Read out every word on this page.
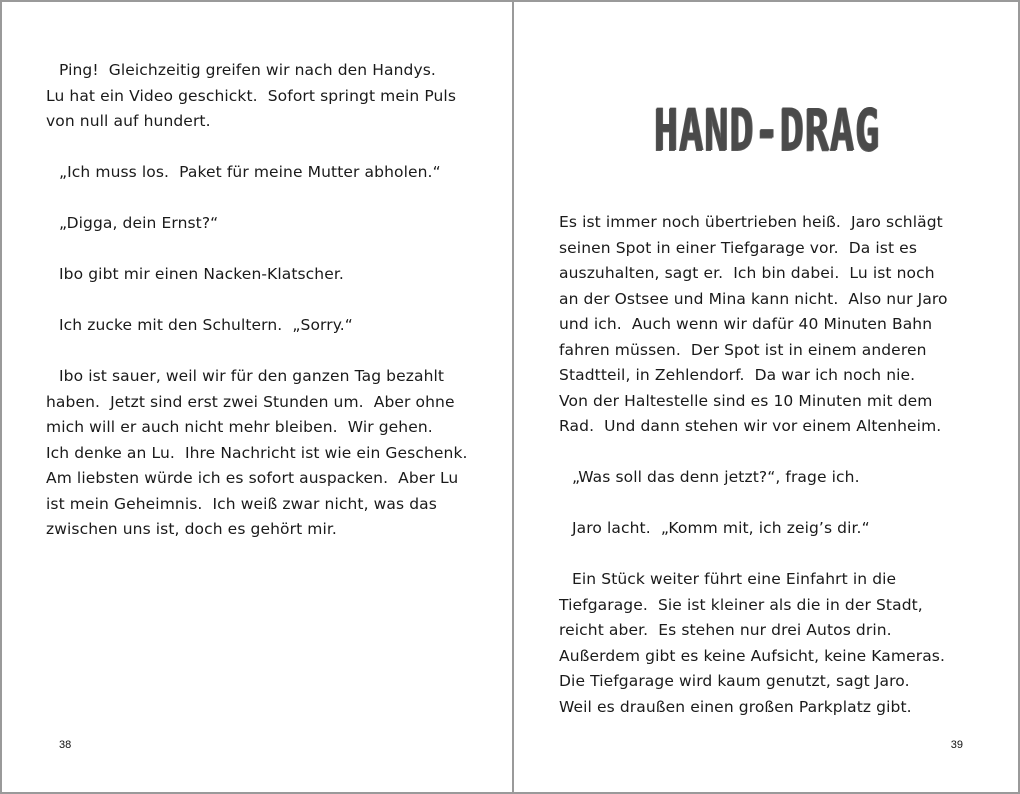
Ping!  Gleichzeitig greifen wir nach den Handys.
Lu hat ein Video geschickt.  Sofort springt mein Puls
von null auf hundert.

„Ich muss los.  Paket für meine Mutter abholen.“

„Digga, dein Ernst?“

Ibo gibt mir einen Nacken-Klatscher.

Ich zucke mit den Schultern.  „Sorry.“

Ibo ist sauer, weil wir für den ganzen Tag bezahlt
haben.  Jetzt sind erst zwei Stunden um.  Aber ohne
mich will er auch nicht mehr bleiben.  Wir gehen.
Ich denke an Lu.  Ihre Nachricht ist wie ein Geschenk.
Am liebsten würde ich es sofort auspacken.  Aber Lu
ist mein Geheimnis.  Ich weiß zwar nicht, was das
zwischen uns ist, doch es gehört mir.

38
HAND-DRAG

Es ist immer noch übertrieben heiß.  Jaro schlägt
seinen Spot in einer Tiefgarage vor.  Da ist es
auszuhalten, sagt er.  Ich bin dabei.  Lu ist noch
an der Ostsee und Mina kann nicht.  Also nur Jaro
und ich.  Auch wenn wir dafür 40 Minuten Bahn
fahren müssen.  Der Spot ist in einem anderen
Stadtteil, in Zehlendorf.  Da war ich noch nie.
Von der Haltestelle sind es 10 Minuten mit dem
Rad.  Und dann stehen wir vor einem Altenheim.

„Was soll das denn jetzt?“, frage ich.

Jaro lacht.  „Komm mit, ich zeig’s dir.“

Ein Stück weiter führt eine Einfahrt in die
Tiefgarage.  Sie ist kleiner als die in der Stadt,
reicht aber.  Es stehen nur drei Autos drin.
Außerdem gibt es keine Aufsicht, keine Kameras.
Die Tiefgarage wird kaum genutzt, sagt Jaro.
Weil es draußen einen großen Parkplatz gibt.

39
